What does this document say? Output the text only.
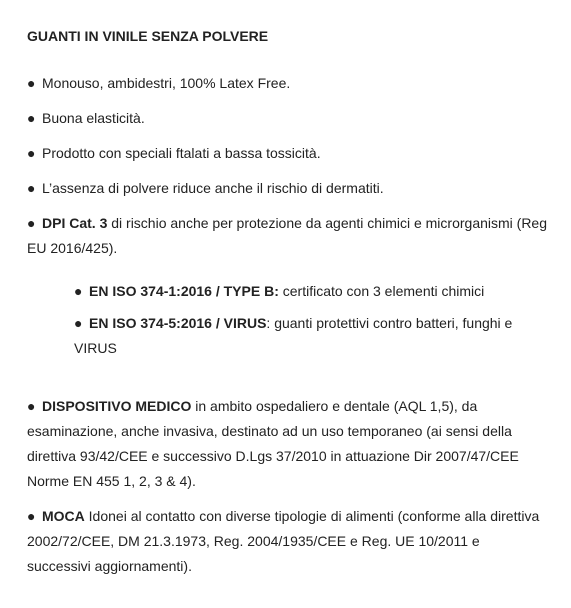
GUANTI IN VINILE SENZA POLVERE
● Monouso, ambidestri, 100% Latex Free.
● Buona elasticità.
● Prodotto con speciali ftalati a bassa tossicità.
● L’assenza di polvere riduce anche il rischio di dermatiti.
● DPI Cat. 3 di rischio anche per protezione da agenti chimici e microrganismi (Reg EU 2016/425).
● EN ISO 374-1:2016 / TYPE B: certificato con 3 elementi chimici
● EN ISO 374-5:2016 / VIRUS: guanti protettivi contro batteri, funghi e VIRUS
● DISPOSITIVO MEDICO in ambito ospedaliero e dentale (AQL 1,5), da esaminazione, anche invasiva, destinato ad un uso temporaneo (ai sensi della direttiva 93/42/CEE e successivo D.Lgs 37/2010 in attuazione Dir 2007/47/CEE Norme EN 455 1, 2, 3 & 4).
● MOCA Idonei al contatto con diverse tipologie di alimenti (conforme alla direttiva 2002/72/CEE, DM 21.3.1973, Reg. 2004/1935/CEE e Reg. UE 10/2011 e successivi aggiornamenti).
